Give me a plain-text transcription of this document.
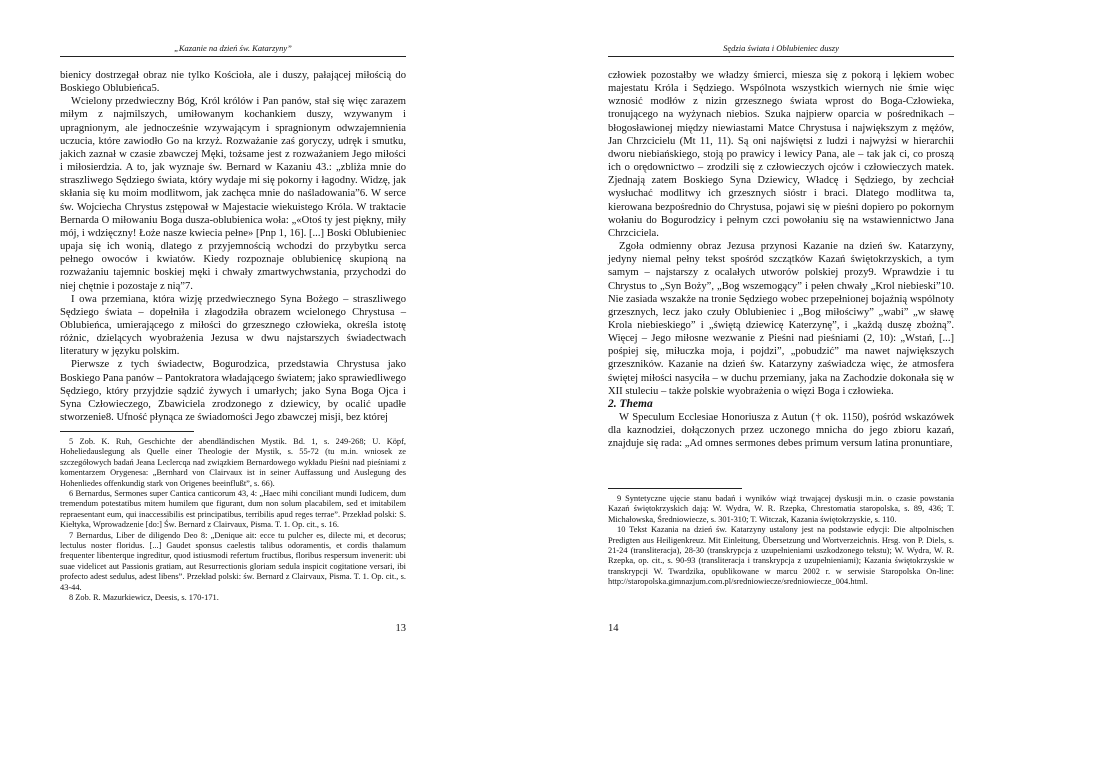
„Kazanie na dzień św. Katarzyny”

bienicy dostrzegał obraz nie tylko Kościoła, ale i duszy, pałającej miłością do Boskiego Oblubieńca5.

Wcielony przedwieczny Bóg, Król królów i Pan panów, stał się więc zarazem miłym z najmilszych, umiłowanym kochankiem duszy, wzywanym i upragnionym, ale jednocześnie wzywającym i spragnionym odwzajemnienia uczucia, które zawiodło Go na krzyż. Rozważanie zaś goryczy, udręk i smutku, jakich zaznał w czasie zbawczej Męki, tożsame jest z rozważaniem Jego miłości i miłosierdzia. A to, jak wyznaje św. Bernard w Kazaniu 43.: „zbliża mnie do straszliwego Sędziego świata, który wydaje mi się pokorny i łagodny. Widzę, jak skłania się ku moim modlitwom, jak zachęca mnie do naśladowania”6. W serce św. Wojciecha Chrystus zstępował w Majestacie wiekuistego Króla. W traktacie Bernarda O miłowaniu Boga dusza-oblubienica woła: „«Otoś ty jest piękny, miły mój, i wdzięczny! Łoże nasze kwiecia pełne» [Pnp 1, 16]. [...] Boski Oblubieniec upaja się ich wonią, dlatego z przyjemnością wchodzi do przybytku serca pełnego owoców i kwiatów. Kiedy rozpoznaje oblubienicę skupioną na rozważaniu tajemnic boskiej męki i chwały zmartwychwstania, przychodzi do niej chętnie i pozostaje z nią”7.

I owa przemiana, która wizję przedwiecznego Syna Bożego – straszliwego Sędziego świata – dopełniła i złagodziła obrazem wcielonego Chrystusa – Oblubieńca, umierającego z miłości do grzesznego człowieka, określa istotę różnic, dzielących wyobrażenia Jezusa w dwu najstarszych świadectwach literatury w języku polskim.

Pierwsze z tych świadectw, Bogurodzica, przedstawia Chrystusa jako Boskiego Pana panów – Pantokratora władającego światem; jako sprawiedliwego Sędziego, który przyjdzie sądzić żywych i umarłych; jako Syna Boga Ojca i Syna Człowieczego, Zbawiciela zrodzonego z dziewicy, by ocalić upadłe stworzenie8. Ufność płynąca ze świadomości Jego zbawczej misji, bez której

5 Zob. K. Ruh, Geschichte der abendländischen Mystik. Bd. 1, s. 249-268; U. Köpf, Hoheliedauslegung als Quelle einer Theologie der Mystik, s. 55-72 (tu m.in. wniosek ze szczegółowych badań Jeana Leclercqa nad związkiem Bernardowego wykładu Pieśni nad pieśniami z komentarzem Orygenesa: „Bernhard von Clairvaux ist in seiner Auffassung und Auslegung des Hohenliedes offenkundig stark von Origenes beeinflußt”, s. 66).

6 Bernardus, Sermones super Cantica canticorum 43, 4: „Haec mihi conciliant mundi Iudicem, dum tremendum potestatibus mitem humilem que figurant, dum non solum placabilem, sed et imitabilem repraesentant eum, qui inaccessibilis est principatibus, terribilis apud reges terrae”. Przekład polski: S. Kiełtyka, Wprowadzenie [do:] Św. Bernard z Clairvaux, Pisma. T. 1. Op. cit., s. 16.

7 Bernardus, Liber de diligendo Deo 8: „Denique ait: ecce tu pulcher es, dilecte mi, et decorus; lectulus noster floridus. [...] Gaudet sponsus caelestis talibus odoramentis, et cordis thalamum frequenter libenterque ingreditur, quod istiusmodi refertum fructibus, floribus respersum invenerit: ubi suae videlicet aut Passionis gratiam, aut Resurrectionis gloriam sedula inspicit cogitatione versari, ibi profecto adest sedulus, adest libens”. Przekład polski: św. Bernard z Clairvaux, Pisma. T. 1. Op. cit., s. 43-44.

8 Zob. R. Mazurkiewicz, Deesis, s. 170-171.

13
Sędzia świata i Oblubieniec duszy

człowiek pozostałby we władzy śmierci, miesza się z pokorą i lękiem wobec majestatu Króla i Sędziego. Wspólnota wszystkich wiernych nie śmie więc wznosić modłów z nizin grzesznego świata wprost do Boga-Człowieka, tronującego na wyżynach niebios. Szuka najpierw oparcia w pośrednikach – błogosławionej między niewiastami Matce Chrystusa i największym z mężów, Jan Chrzcicielu (Mt 11, 11). Są oni najświętsi z ludzi i najwyżsi w hierarchii dworu niebiańskiego, stoją po prawicy i lewicy Pana, ale – tak jak ci, co proszą ich o orędownictwo – zrodzili się z człowieczych ojców i człowieczych matek. Zjednają zatem Boskiego Syna Dziewicy, Władcę i Sędziego, by zechciał wysłuchać modlitwy ich grzesznych sióstr i braci. Dlatego modlitwa ta, kierowana bezpośrednio do Chrystusa, pojawi się w pieśni dopiero po pokornym wołaniu do Bogurodzicy i pełnym czci powołaniu się na wstawiennictwo Jana Chrzciciela.

Zgoła odmienny obraz Jezusa przynosi Kazanie na dzień św. Katarzyny, jedyny niemal pełny tekst spośród szczątków Kazań świętokrzyskich, a tym samym – najstarszy z ocalałych utworów polskiej prozy9. Wprawdzie i tu Chrystus to „Syn Boży”, „Bog wszemogący” i pełen chwały „Krol niebieski”10. Nie zasiada wszakże na tronie Sędziego wobec przepełnionej bojaźnią wspólnoty grzesznych, lecz jako czuły Oblubieniec i „Bog miłościwy” „wabi” „w sławę Krola niebieskiego” i „świętą dziewicę Katerzynę”, i „każdą duszę zbożną”. Więcej – Jego miłosne wezwanie z Pieśni nad pieśniami (2, 10): „Wstań, [...] pośpiej się, miłuczka moja, i pojdzi”, „pobudzić” ma nawet największych grzeszników. Kazanie na dzień św. Katarzyny zaświadcza więc, że atmosfera świętej miłości nasyciła – w duchu przemiany, jaka na Zachodzie dokonała się w XII stuleciu – także polskie wyobrażenia o więzi Boga i człowieka.

2. Thema

W Speculum Ecclesiae Honoriusza z Autun († ok. 1150), pośród wskazówek dla kaznodziei, dołączonych przez uczonego mnicha do jego zbioru kazań, znajduje się rada: „Ad omnes sermones debes primum versum latina pronuntiare,

9 Syntetyczne ujęcie stanu badań i wyników wiąż trwającej dyskusji m.in. o czasie powstania Kazań świętokrzyskich dają: W. Wydra, W. R. Rzepka, Chrestomatia staropolska, s. 89, 436; T. Michałowska, Średniowiecze, s. 301-310; T. Witczak, Kazania świętokrzyskie, s. 110.

10 Tekst Kazania na dzień św. Katarzyny ustalony jest na podstawie edycji: Die altpolnischen Predigten aus Heiligenkreuz. Mit Einleitung, Übersetzung und Wortverzeichnis. Hrsg. von P. Diels, s. 21-24 (transliteracja), 28-30 (transkrypcja z uzupełnieniami uszkodzonego tekstu); W. Wydra, W. R. Rzepka, op. cit., s. 90-93 (transliteracja i transkrypcja z uzupełnieniami); Kazania świętokrzyskie w transkrypcji W. Twardzika, opublikowane w marcu 2002 r. w serwisie Staropolska On-line: http://staropolska.gimnazjum.com.pl/sredniowiecze/sredniowiecze_004.html.

14
